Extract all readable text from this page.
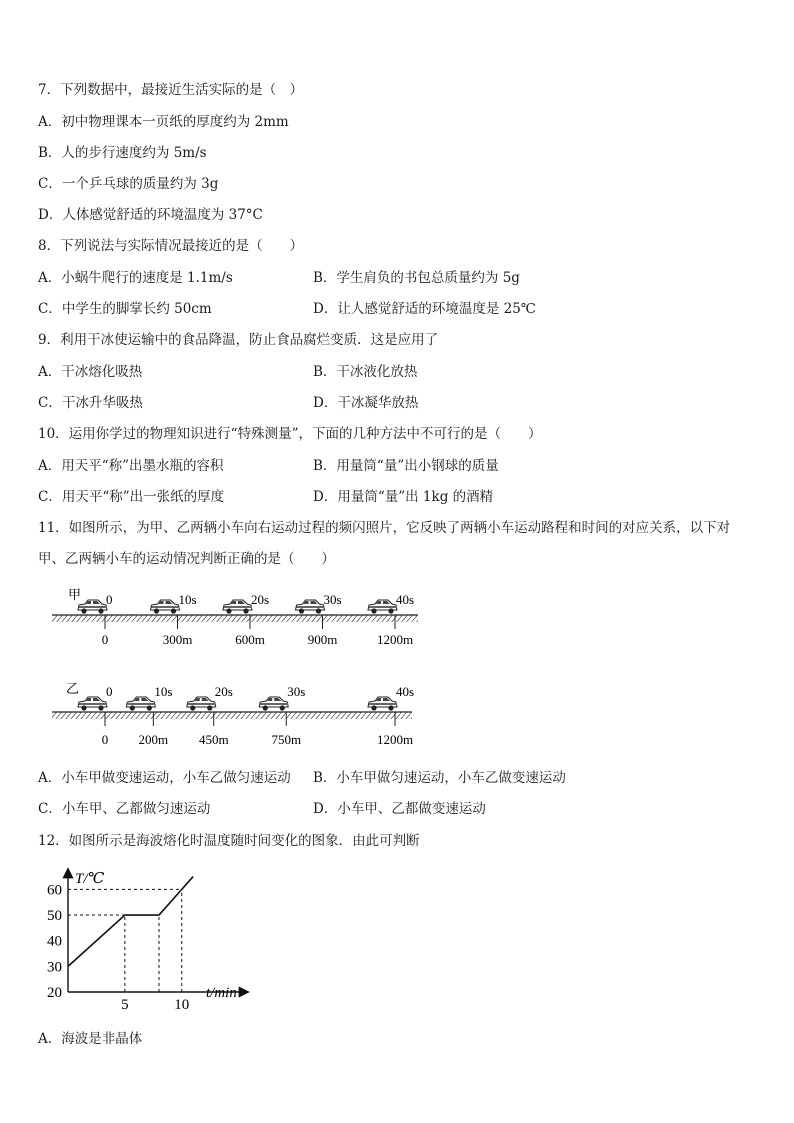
7．下列数据中，最接近生活实际的是（　）
A．初中物理课本一页纸的厚度约为 2mm
B．人的步行速度约为 5m/s
C．一个乒乓球的质量约为 3g
D．人体感觉舒适的环境温度为 37°C
8．下列说法与实际情况最接近的是（　　）
A．小蜗牛爬行的速度是 1.1m/s	B．学生肩负的书包总质量约为 5g
C．中学生的脚掌长约 50cm	D．让人感觉舒适的环境温度是 25℃
9．利用干冰使运输中的食品降温，防止食品腐烂变质．这是应用了
A．干冰熔化吸热	B．干冰液化放热
C．干冰升华吸热	D．干冰凝华放热
10．运用你学过的物理知识进行“特殊测量”，下面的几种方法中不可行的是（　　）
A．用天平“称”出墨水瓶的容积	B．用量筒“量”出小钢球的质量
C．用天平“称”出一张纸的厚度	D．用量筒“量”出 1kg 的酒精
11．如图所示，为甲、乙两辆小车向右运动过程的频闪照片，它反映了两辆小车运动路程和时间的对应关系，以下对
甲、乙两辆小车的运动情况判断正确的是（　　）
甲 0
0
10s
300m
20s
600m
30s
900m
40s
1200m
乙 0
0
10s
200m
20s
450m
30s
750m
40s
1200m
A．小车甲做变速运动，小车乙做匀速运动 B．小车甲做匀速运动，小车乙做变速运动
C．小车甲、乙都做匀速运动	D．小车甲、乙都做变速运动
12．如图所示是海波熔化时温度随时间变化的图象．由此可判断
20
30
40
50
60
5	10
T/℃
t/min
A．海波是非晶体
